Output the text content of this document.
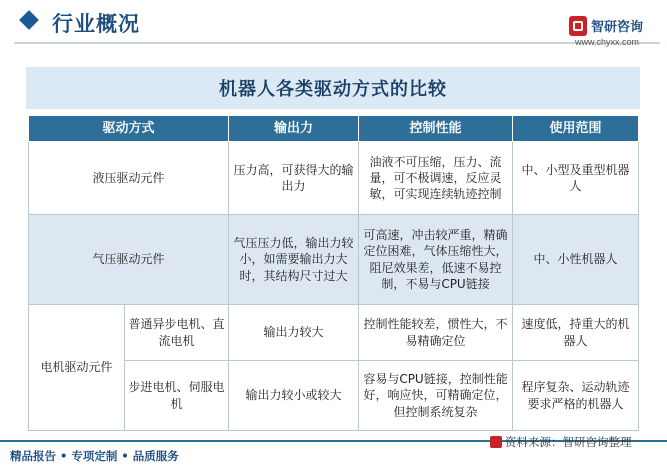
行业概况	智研咨询
www.chyxx.com
机器人各类驱动方式的比较
驱动方式		输出力	控制性能	使用范围
液压驱动元件		压力高，可获得大的输出力	油液不可压缩，压力、流量，可不极调速，反应灵敏，可实现连续轨迹控制	中、小型及重型机器人
气压驱动元件		气压压力低，输出力较小，如需要输出力大时，其结构尺寸过大	可高速，冲击较严重，精确定位困难，气体压缩性大，阻尼效果差，低速不易控制，不易与CPU链接	中、小性机器人
电机驱动元件	普通异步电机、直流电机	输出力较大	控制性能较差，惯性大，不易精确定位	速度低，持重大的机器人
	步进电机、伺服电机	输出力较小或较大	容易与CPU链接，控制性能好，响应快，可精确定位，但控制系统复杂	程序复杂、运动轨迹要求严格的机器人
精品报告 • 专项定制 • 品质服务
资料来源：智研咨询整理
